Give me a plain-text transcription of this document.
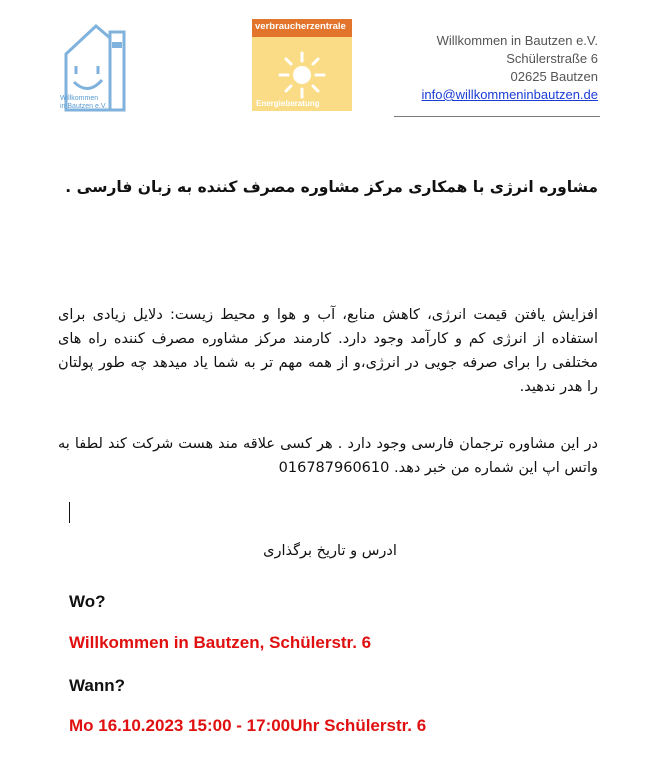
Willkommen
in Bautzen e.V.
verbraucherzentrale
Energieberatung
Willkommen in Bautzen e.V.
Schülerstraße 6
02625 Bautzen
info@willkommeninbautzen.de
مشاوره انرژی با همکاری مرکز مشاوره مصرف کننده به زبان فارسی .
افزایش یافتن قیمت انرژی، کاهش منابع، آب و هوا و محیط زیست: دلایل زیادی برای استفاده از انرژی کم و کارآمد وجود دارد. کارمند مرکز مشاوره مصرف کننده راه های مختلفی را برای صرفه جویی در انرژی،و از همه مهم تر به شما یاد میدهد چه طور پولتان را هدر ندهید.
در این مشاوره ترجمان فارسی وجود دارد . هر کسی علاقه مند هست شرکت کند لطفا به واتس اپ این شماره من خبر دهد. 016787960610
ادرس و تاریخ برگذاری
Wo?
Willkommen in Bautzen, Schülerstr. 6
Wann?
Mo 16.10.2023 15:00 - 17:00Uhr Schülerstr. 6
